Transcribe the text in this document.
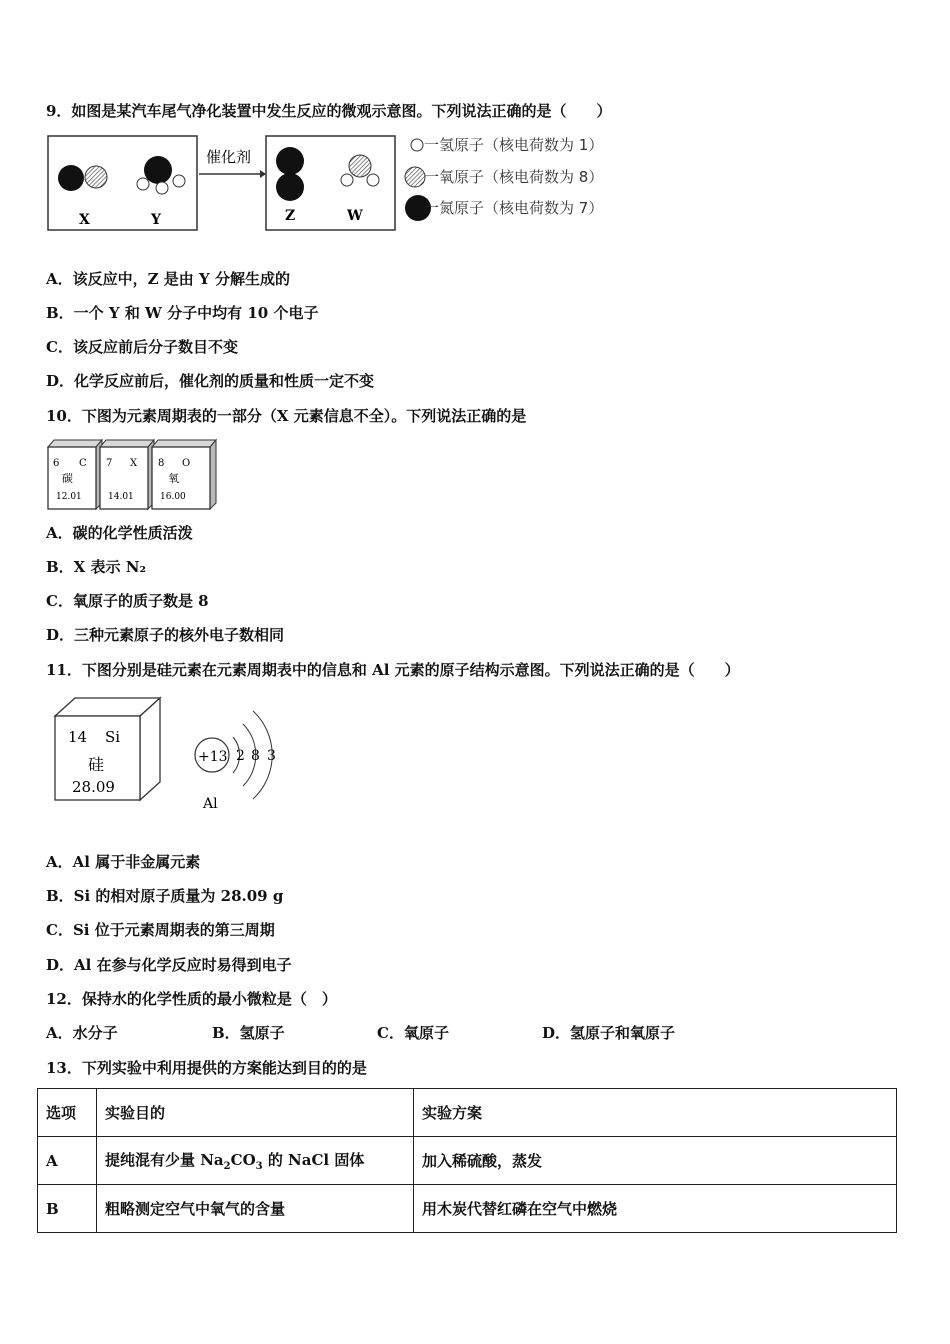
9．如图是某汽车尾气净化装置中发生反应的微观示意图。下列说法正确的是（　　）
X	Y
催化剂
Z	W
一氢原子（核电荷数为 1）
一氧原子（核电荷数为 8）
一氮原子（核电荷数为 7）
A．该反应中，Z 是由 Y 分解生成的
B．一个 Y 和 W 分子中均有 10 个电子
C．该反应前后分子数目不变
D．化学反应前后，催化剂的质量和性质一定不变
10．下图为元素周期表的一部分（X 元素信息不全）。下列说法正确的是
6 C
碳
12.01
7 X
14.01
8 O
氧
16.00
A．碳的化学性质活泼
B．X 表示 N₂
C．氧原子的质子数是 8
D．三种元素原子的核外电子数相同
11．下图分别是硅元素在元素周期表中的信息和 Al 元素的原子结构示意图。下列说法正确的是（　　）
14 Si
硅
28.09
+13 2 8 3
Al
A．Al 属于非金属元素
B．Si 的相对原子质量为 28.09 g
C．Si 位于元素周期表的第三周期
D．Al 在参与化学反应时易得到电子
12．保持水的化学性质的最小微粒是（　）
A．水分子	B．氢原子	C．氧原子	D．氢原子和氧原子
13．下列实验中利用提供的方案能达到目的的是
选项	实验目的	实验方案
A	提纯混有少量 $Na_2CO_3$ 的 NaCl 固体	加入稀硫酸，蒸发
B	粗略测定空气中氧气的含量	用木炭代替红磷在空气中燃烧
